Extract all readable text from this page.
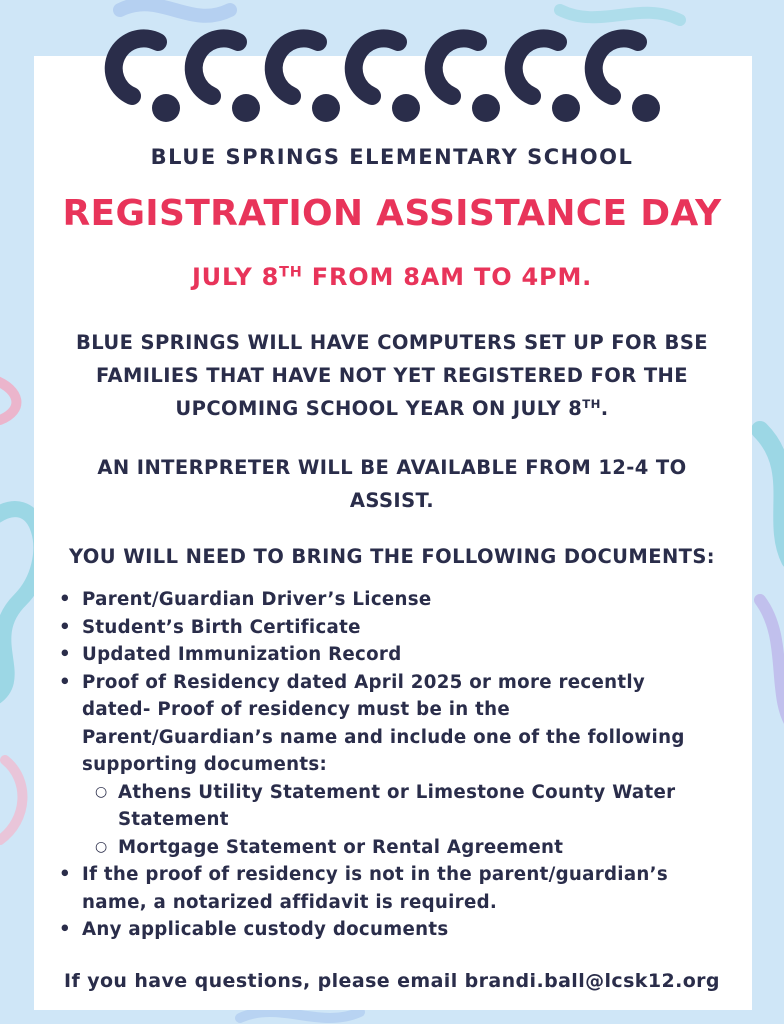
BLUE SPRINGS ELEMENTARY SCHOOL
REGISTRATION ASSISTANCE DAY
JULY 8TH FROM 8AM TO 4PM.
BLUE SPRINGS WILL HAVE COMPUTERS SET UP FOR BSE
FAMILIES THAT HAVE NOT YET REGISTERED FOR THE
UPCOMING SCHOOL YEAR ON JULY 8TH.
AN INTERPRETER WILL BE AVAILABLE FROM 12-4 TO
ASSIST.
YOU WILL NEED TO BRING THE FOLLOWING DOCUMENTS:
• Parent/Guardian Driver’s License
• Student’s Birth Certificate
• Updated Immunization Record
• Proof of Residency dated April 2025 or more recently
dated- Proof of residency must be in the
Parent/Guardian’s name and include one of the following
supporting documents:
○ Athens Utility Statement or Limestone County Water
Statement
○ Mortgage Statement or Rental Agreement
• If the proof of residency is not in the parent/guardian’s
name, a notarized affidavit is required.
• Any applicable custody documents
If you have questions, please email brandi.ball@lcsk12.org
